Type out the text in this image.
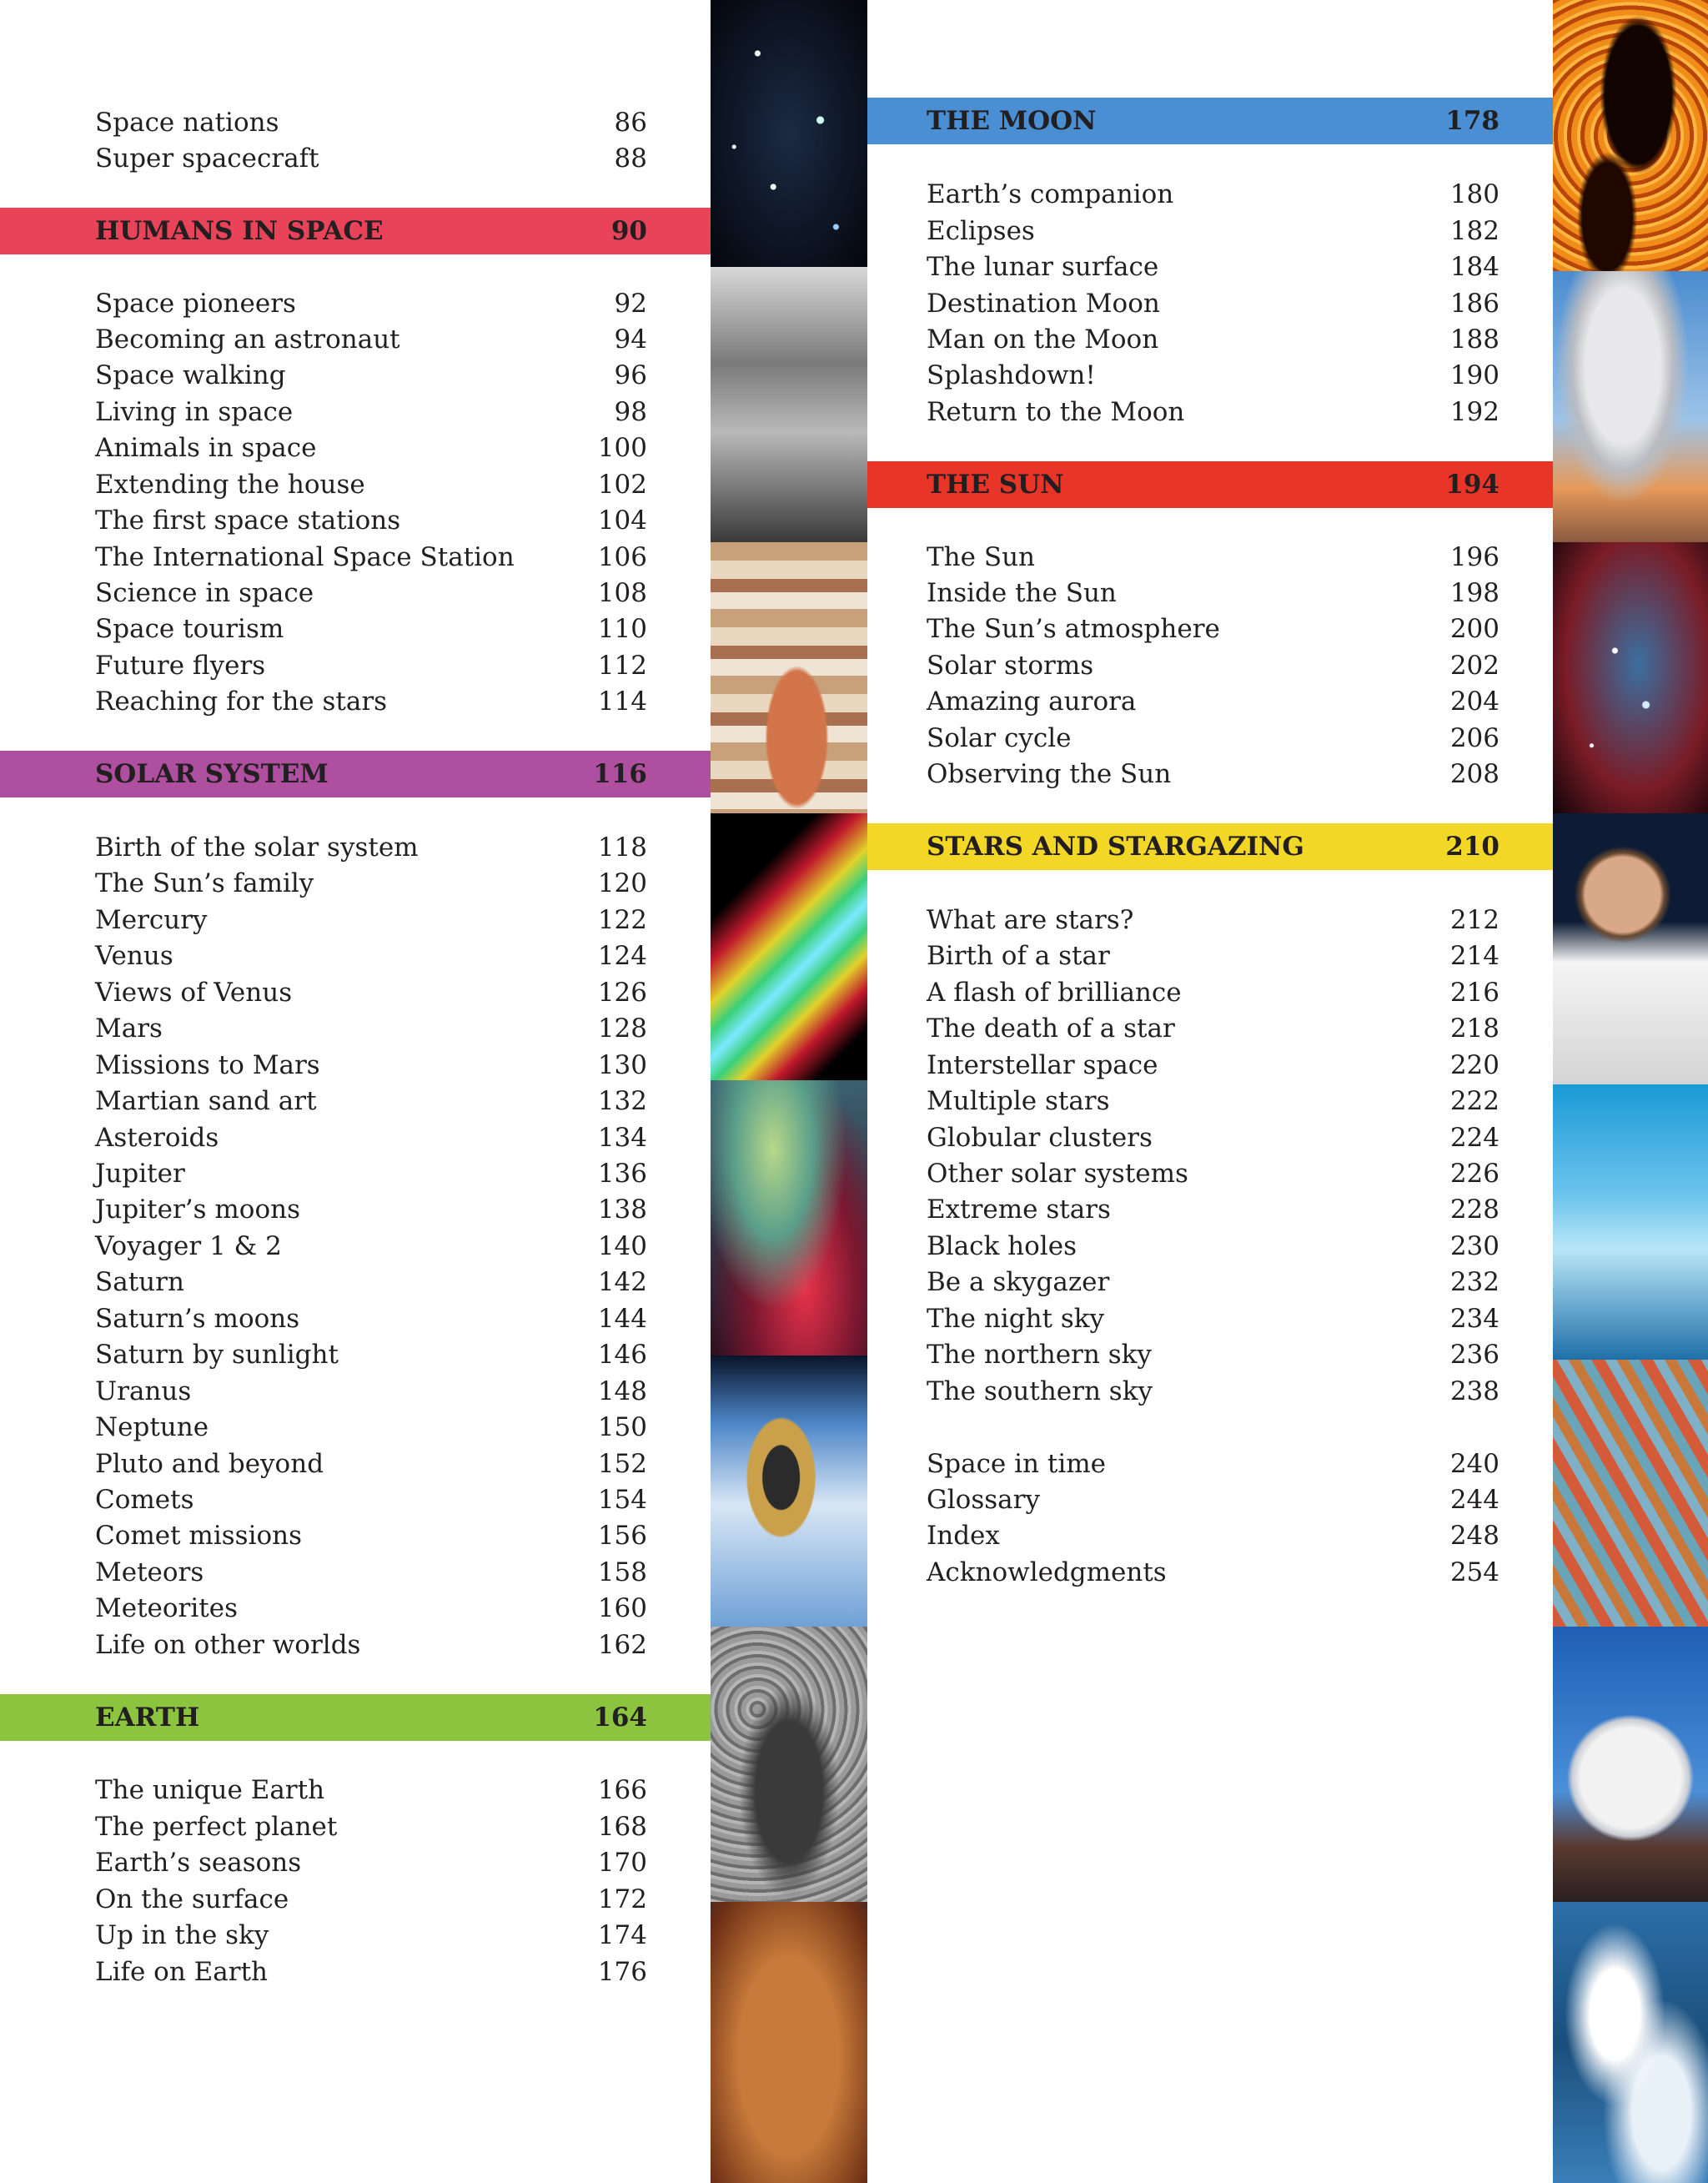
Space nations	86
Super spacecraft	88
HUMANS IN SPACE	90
Space pioneers	92
Becoming an astronaut	94
Space walking	96
Living in space	98
Animals in space	100
Extending the house	102
The first space stations	104
The International Space Station	106
Science in space	108
Space tourism	110
Future flyers	112
Reaching for the stars	114
SOLAR SYSTEM	116
Birth of the solar system	118
The Sun’s family	120
Mercury	122
Venus	124
Views of Venus	126
Mars	128
Missions to Mars	130
Martian sand art	132
Asteroids	134
Jupiter	136
Jupiter’s moons	138
Voyager 1 & 2	140
Saturn	142
Saturn’s moons	144
Saturn by sunlight	146
Uranus	148
Neptune	150
Pluto and beyond	152
Comets	154
Comet missions	156
Meteors	158
Meteorites	160
Life on other worlds	162
EARTH	164
The unique Earth	166
The perfect planet	168
Earth’s seasons	170
On the surface	172
Up in the sky	174
Life on Earth	176
THE MOON	178
Earth’s companion	180
Eclipses	182
The lunar surface	184
Destination Moon	186
Man on the Moon	188
Splashdown!	190
Return to the Moon	192
THE SUN	194
The Sun	196
Inside the Sun	198
The Sun’s atmosphere	200
Solar storms	202
Amazing aurora	204
Solar cycle	206
Observing the Sun	208
STARS AND STARGAZING	210
What are stars?	212
Birth of a star	214
A flash of brilliance	216
The death of a star	218
Interstellar space	220
Multiple stars	222
Globular clusters	224
Other solar systems	226
Extreme stars	228
Black holes	230
Be a skygazer	232
The night sky	234
The northern sky	236
The southern sky	238
Space in time	240
Glossary	244
Index	248
Acknowledgments	254
